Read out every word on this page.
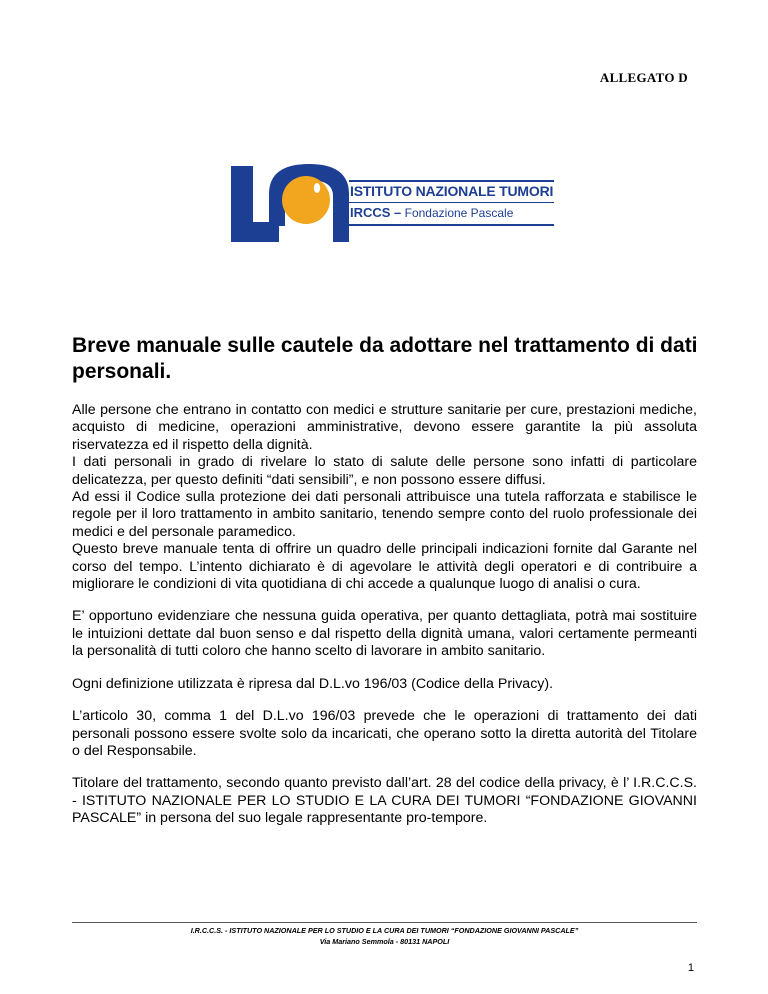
ALLEGATO D
ISTITUTO NAZIONALE TUMORI
IRCCS – Fondazione Pascale
Breve manuale sulle cautele da adottare nel trattamento di dati personali.

Alle persone che entrano in contatto con medici e strutture sanitarie per cure, prestazioni mediche, acquisto di medicine, operazioni amministrative, devono essere garantite la più assoluta riservatezza ed il rispetto della dignità.

I dati personali in grado di rivelare lo stato di salute delle persone sono infatti di particolare delicatezza, per questo definiti “dati sensibili”, e non possono essere diffusi.

Ad essi il Codice sulla protezione dei dati personali attribuisce una tutela rafforzata e stabilisce le regole per il loro trattamento in ambito sanitario, tenendo sempre conto del ruolo professionale dei medici e del personale paramedico.

Questo breve manuale tenta di offrire un quadro delle principali indicazioni fornite dal Garante nel corso del tempo. L’intento dichiarato è di agevolare le attività degli operatori e di contribuire a migliorare le condizioni di vita quotidiana di chi accede a qualunque luogo di analisi o cura.

E’ opportuno evidenziare che nessuna guida operativa, per quanto dettagliata, potrà mai sostituire le intuizioni dettate dal buon senso e dal rispetto della dignità umana, valori certamente permeanti la personalità di tutti coloro che hanno scelto di lavorare in ambito sanitario.

Ogni definizione utilizzata è ripresa dal D.L.vo 196/03 (Codice della Privacy).

L’articolo 30, comma 1 del D.L.vo 196/03 prevede che le operazioni di trattamento dei dati personali possono essere svolte solo da incaricati, che operano sotto la diretta autorità del Titolare o del Responsabile.

Titolare del trattamento, secondo quanto previsto dall’art. 28 del codice della privacy, è l’ I.R.C.C.S. - ISTITUTO NAZIONALE PER LO STUDIO E LA CURA DEI TUMORI “FONDAZIONE GIOVANNI PASCALE” in persona del suo legale rappresentante pro-tempore.

I.R.C.C.S. - ISTITUTO NAZIONALE PER LO STUDIO E LA CURA DEI TUMORI “FONDAZIONE GIOVANNI PASCALE”
Via Mariano Semmola - 80131 NAPOLI
1
